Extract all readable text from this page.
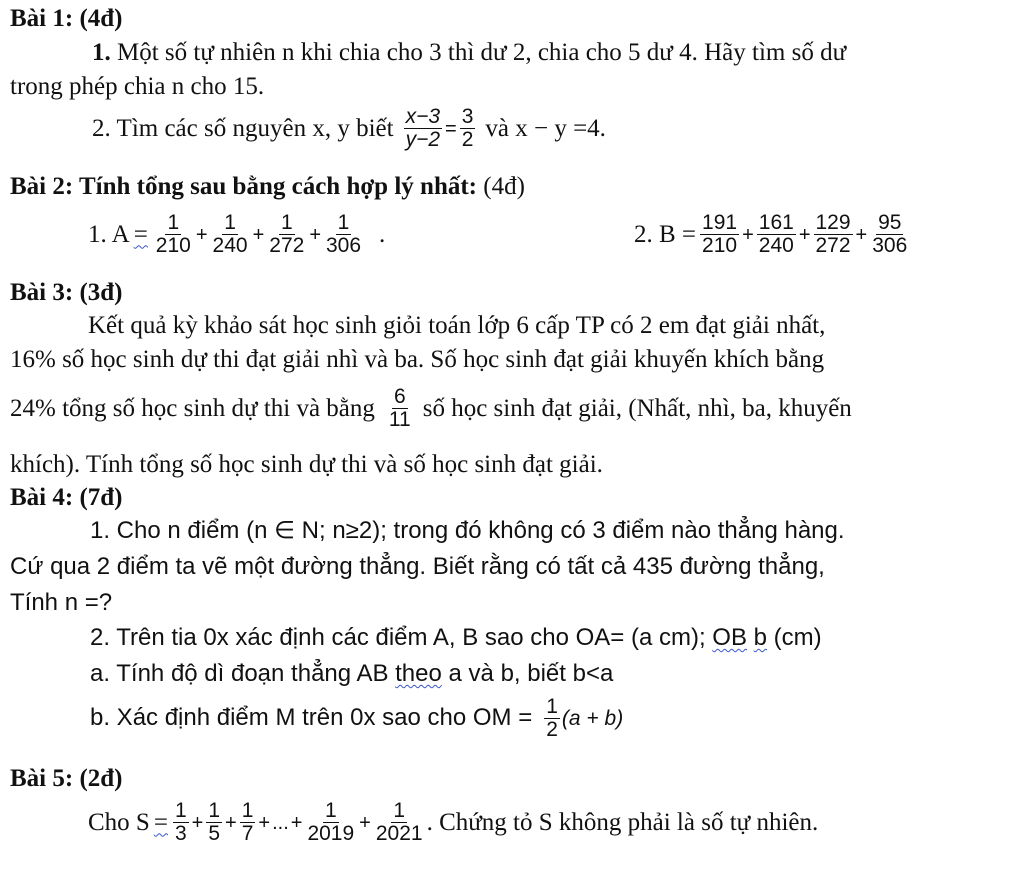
Bài 1: (4đ)
1. Một số tự nhiên n khi chia cho 3 thì dư 2, chia cho 5 dư 4. Hãy tìm số dư
trong phép chia n cho 15.
2. Tìm các số nguyên x, y biết $\frac{x-3}{y-2} = \frac{3}{2}$ và x − y =4.
Bài 2: Tính tổng sau bằng cách hợp lý nhất: (4đ)
1. $A = \frac{1}{210} + \frac{1}{240} + \frac{1}{272} + \frac{1}{306}$ .	2. $B = \frac{191}{210} + \frac{161}{240} + \frac{129}{272} + \frac{95}{306}$
Bài 3: (3đ)
Kết quả kỳ khảo sát học sinh giỏi toán lớp 6 cấp TP có 2 em đạt giải nhất,
16% số học sinh dự thi đạt giải nhì và ba. Số học sinh đạt giải khuyến khích bằng
24% tổng số học sinh dự thi và bằng $\frac{6}{11}$ số học sinh đạt giải, (Nhất, nhì, ba, khuyến
khích). Tính tổng số học sinh dự thi và số học sinh đạt giải.
Bài 4: (7đ)
1. Cho n điểm (n ∈ N; n≥2); trong đó không có 3 điểm nào thẳng hàng.
Cứ qua 2 điểm ta vẽ một đường thẳng. Biết rằng có tất cả 435 đường thẳng,
Tính n =?
2. Trên tia 0x xác định các điểm A, B sao cho OA= (a cm); OB b (cm)
a. Tính độ dì đoạn thẳng AB theo a và b, biết b<a
b. Xác định điểm M trên 0x sao cho OM = $\frac{1}{2} (a + b)$
Bài 5: (2đ)
Cho $S = \frac{1}{3} + \frac{1}{5} + \frac{1}{7}$ + ... + $\frac{1}{2019} + \frac{1}{2021}$ . Chứng tỏ S không phải là số tự nhiên.
